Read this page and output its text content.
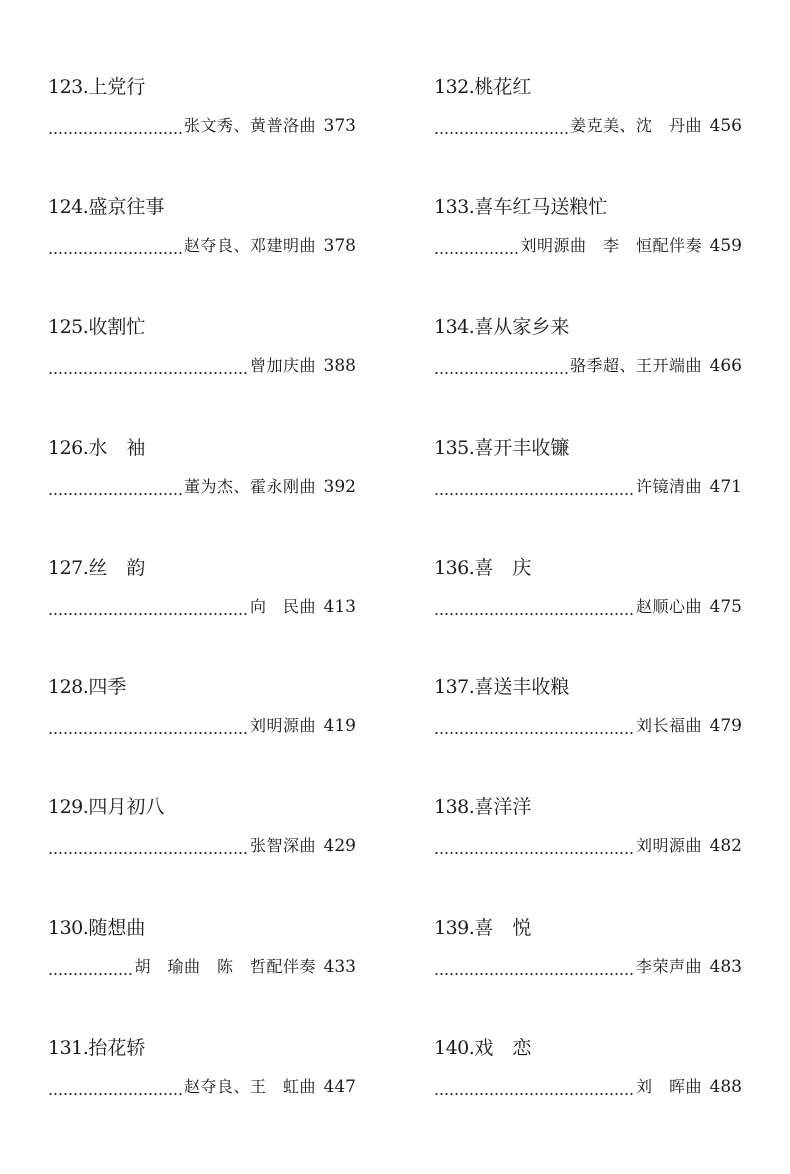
123.上党行
张文秀、黄普洛曲 373
124.盛京往事
赵夺良、邓建明曲 378
125.收割忙
曾加庆曲 388
126.水　袖
董为杰、霍永刚曲 392
127.丝　韵
向　民曲 413
128.四季
刘明源曲 419
129.四月初八
张智深曲 429
130.随想曲
胡　瑜曲　陈　哲配伴奏 433
131.抬花轿
赵夺良、王　虹曲 447
132.桃花红
姜克美、沈　丹曲 456
133.喜车红马送粮忙
刘明源曲　李　恒配伴奏 459
134.喜从家乡来
骆季超、王开端曲 466
135.喜开丰收镰
许镜清曲 471
136.喜　庆
赵顺心曲 475
137.喜送丰收粮
刘长福曲 479
138.喜洋洋
刘明源曲 482
139.喜　悦
李荣声曲 483
140.戏　恋
刘　晖曲 488
